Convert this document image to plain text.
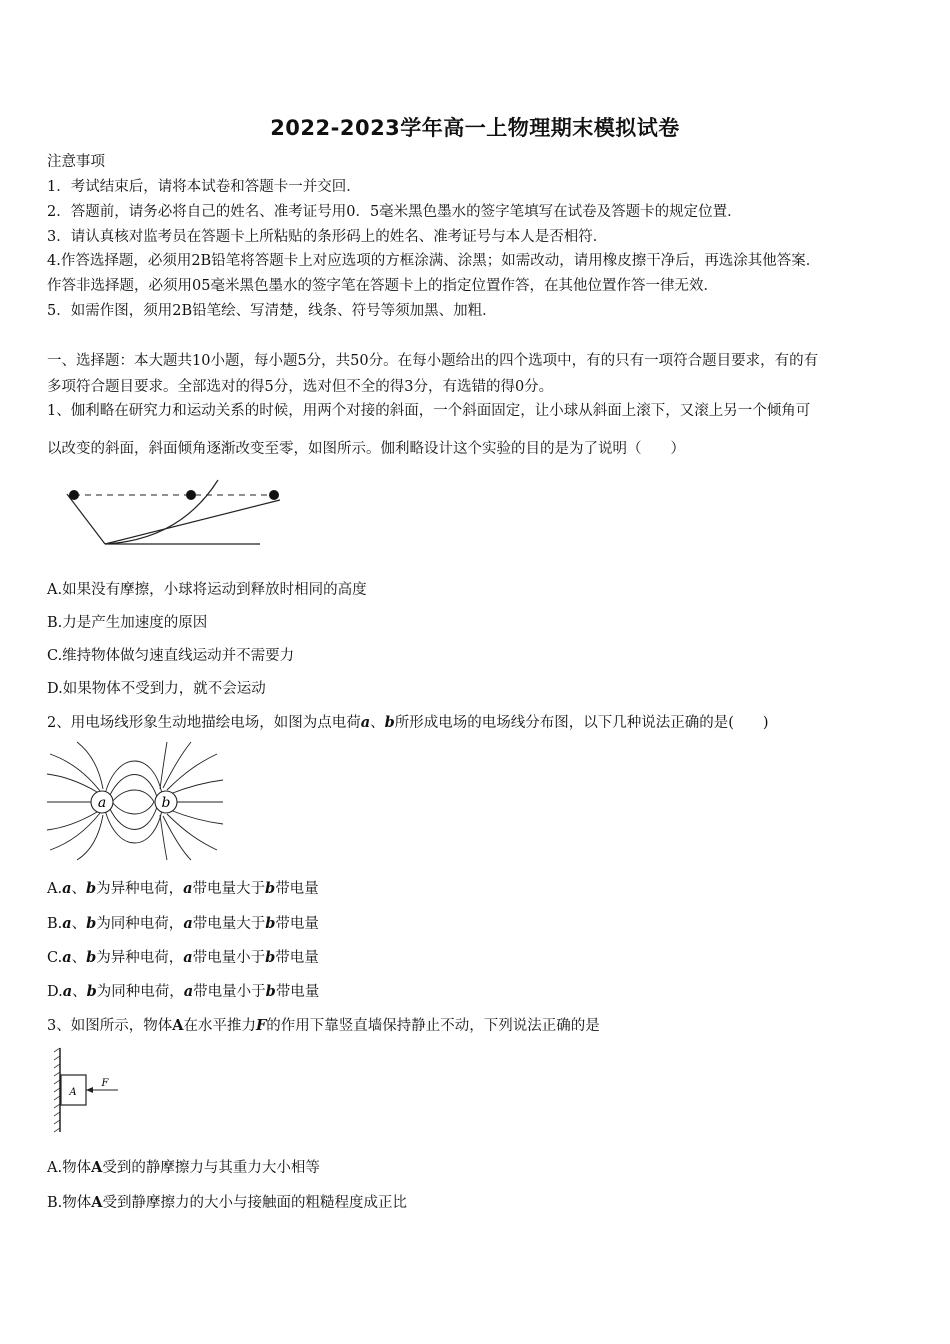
2022-2023学年高一上物理期末模拟试卷
注意事项
1．考试结束后，请将本试卷和答题卡一并交回．
2．答题前，请务必将自己的姓名、准考证号用0．5毫米黑色墨水的签字笔填写在试卷及答题卡的规定位置．
3．请认真核对监考员在答题卡上所粘贴的条形码上的姓名、准考证号与本人是否相符．
4.作答选择题，必须用2B铅笔将答题卡上对应选项的方框涂满、涂黑；如需改动，请用橡皮擦干净后，再选涂其他答案．
作答非选择题，必须用05毫米黑色墨水的签字笔在答题卡上的指定位置作答，在其他位置作答一律无效．
5．如需作图，须用2B铅笔绘、写清楚，线条、符号等须加黑、加粗．
一、选择题：本大题共10小题，每小题5分，共50分。在每小题给出的四个选项中，有的只有一项符合题目要求，有的有
多项符合题目要求。全部选对的得5分，选对但不全的得3分，有选错的得0分。
1、伽利略在研究力和运动关系的时候，用两个对接的斜面，一个斜面固定，让小球从斜面上滚下，又滚上另一个倾角可
以改变的斜面，斜面倾角逐渐改变至零，如图所示。伽利略设计这个实验的目的是为了说明（　　）
A.如果没有摩擦，小球将运动到释放时相同的高度
B.力是产生加速度的原因
C.维持物体做匀速直线运动并不需要力
D.如果物体不受到力，就不会运动
2、用电场线形象生动地描绘电场，如图为点电荷a、b所形成电场的电场线分布图，以下几种说法正确的是(　　)
a	b
A.a、b为异种电荷，a带电量大于b带电量
B.a、b为同种电荷，a带电量大于b带电量
C.a、b为异种电荷，a带电量小于b带电量
D.a、b为同种电荷，a带电量小于b带电量
3、如图所示，物体A在水平推力F的作用下靠竖直墙保持静止不动，下列说法正确的是
A
F
A.物体A受到的静摩擦力与其重力大小相等
B.物体A受到静摩擦力的大小与接触面的粗糙程度成正比
